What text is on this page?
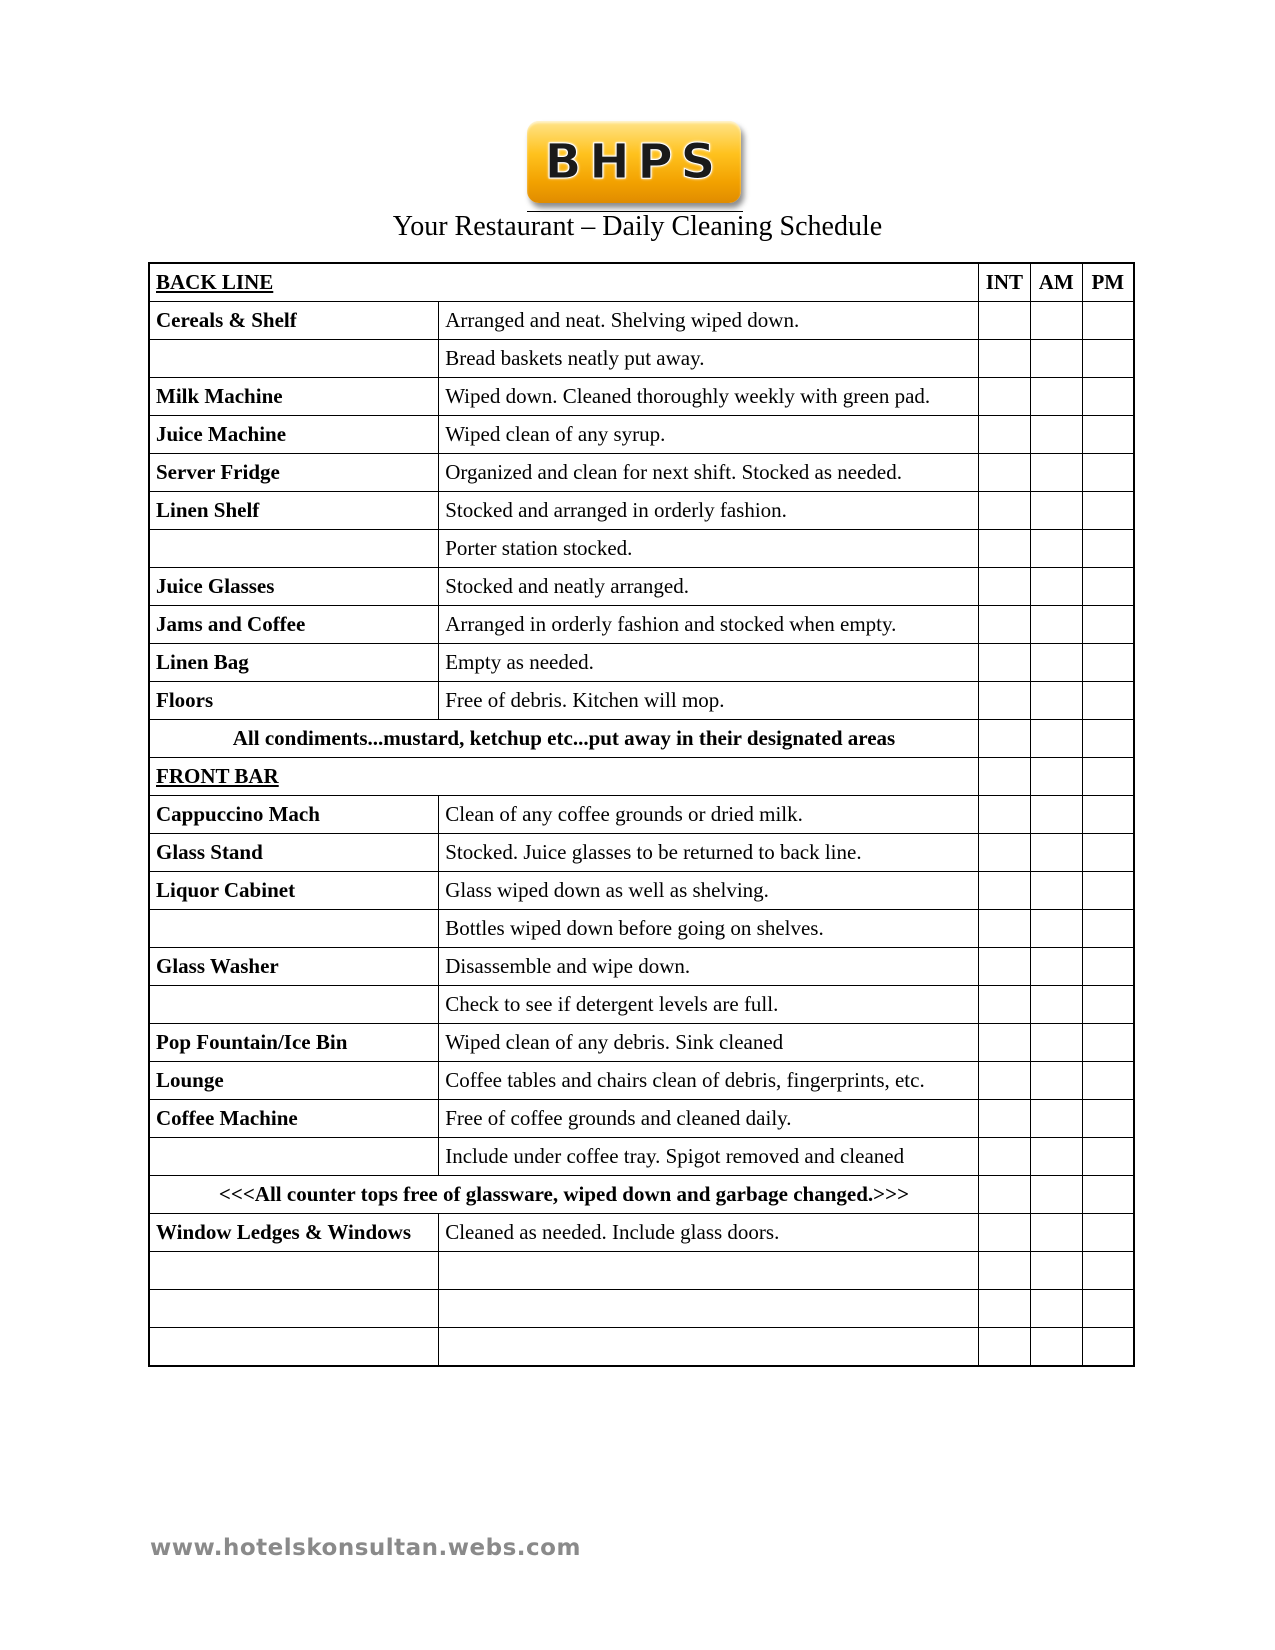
BHPS
Your Restaurant – Daily Cleaning Schedule
BACK LINE		INT	AM	PM
Cereals & Shelf	Arranged and neat. Shelving wiped down.			
	Bread baskets neatly put away.			
Milk Machine	Wiped down. Cleaned thoroughly weekly with green pad.			
Juice Machine	Wiped clean of any syrup.			
Server Fridge	Organized and clean for next shift. Stocked as needed.			
Linen Shelf	Stocked and arranged in orderly fashion.			
	Porter station stocked.			
Juice Glasses	Stocked and neatly arranged.			
Jams and Coffee	Arranged in orderly fashion and stocked when empty.			
Linen Bag	Empty as needed.			
Floors	Free of debris. Kitchen will mop.			
All condiments...mustard, ketchup etc...put away in their designated areas				
FRONT BAR				
Cappuccino Mach	Clean of any coffee grounds or dried milk.			
Glass Stand	Stocked. Juice glasses to be returned to back line.			
Liquor Cabinet	Glass wiped down as well as shelving.			
	Bottles wiped down before going on shelves.			
Glass Washer	Disassemble and wipe down.			
	Check to see if detergent levels are full.			
Pop Fountain/Ice Bin	Wiped clean of any debris. Sink cleaned			
Lounge	Coffee tables and chairs clean of debris, fingerprints, etc.			
Coffee Machine	Free of coffee grounds and cleaned daily.			
	Include under coffee tray. Spigot removed and cleaned			
<<<All counter tops free of glassware, wiped down and garbage changed.>>>				
Window Ledges & Windows	Cleaned as needed. Include glass doors.			

www.hotelskonsultan.webs.com
